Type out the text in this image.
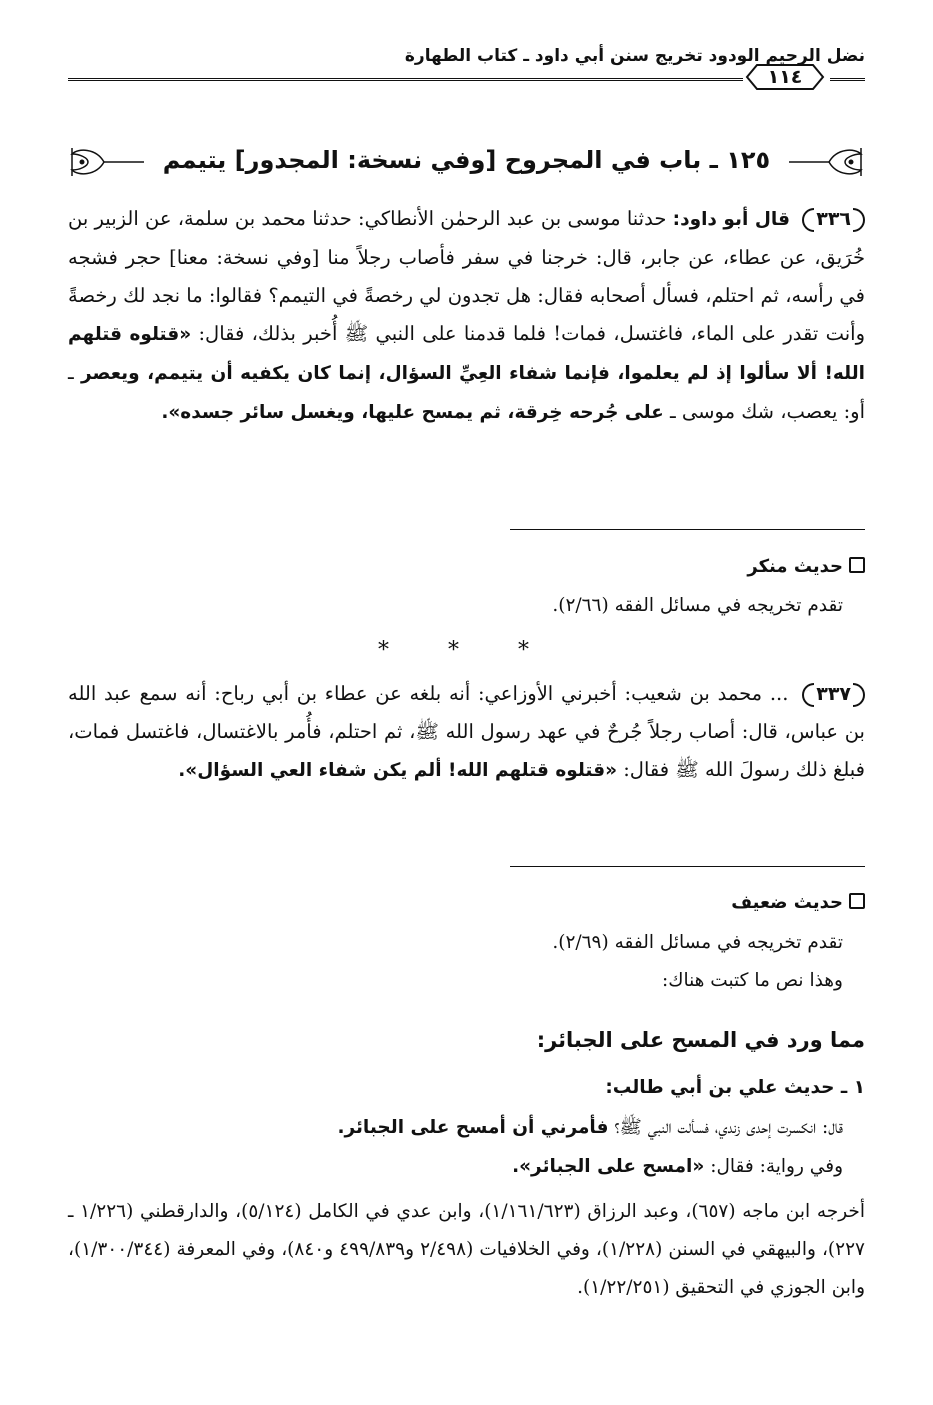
نضل الرحيم الودود تخريج سنن أبي داود ـ كتاب الطهارة
١١٤
١٢٥ ـ باب في المجروح [وفي نسخة: المجدور] يتيمم
٣٣٦ قال أبو داود: حدثنا موسى بن عبد الرحمٰن الأنطاكي: حدثنا محمد بن سلمة، عن الزبير بن خُرَيق، عن عطاء، عن جابر، قال: خرجنا في سفر فأصاب رجلاً منا [وفي نسخة: معنا] حجر فشجه في رأسه، ثم احتلم، فسأل أصحابه فقال: هل تجدون لي رخصةً في التيمم؟ فقالوا: ما نجد لك رخصةً وأنت تقدر على الماء، فاغتسل، فمات! فلما قدمنا على النبي ﷺ أُخبر بذلك، فقال: «قتلوه قتلهم الله! ألا سألوا إذ لم يعلموا، فإنما شفاء العِيِّ السؤال، إنما كان يكفيه أن يتيمم، ويعصر ـ أو: يعصب، شك موسى ـ على جُرحه خِرقة، ثم يمسح عليها، ويغسل سائر جسده».
حديث منكر
تقدم تخريجه في مسائل الفقه (٢/٦٦).
* * *
٣٣٧ ... محمد بن شعيب: أخبرني الأوزاعي: أنه بلغه عن عطاء بن أبي رباح: أنه سمع عبد الله بن عباس، قال: أصاب رجلاً جُرحٌ في عهد رسول الله ﷺ، ثم احتلم، فأُمر بالاغتسال، فاغتسل فمات، فبلغ ذلك رسولَ الله ﷺ فقال: «قتلوه قتلهم الله! ألم يكن شفاء العي السؤال».
حديث ضعيف
تقدم تخريجه في مسائل الفقه (٢/٦٩).
وهذا نص ما كتبت هناك:
مما ورد في المسح على الجبائر:
١ ـ حديث علي بن أبي طالب:
قال: انكسرت إحدى زندي، فسألت النبي ﷺ؟ فأمرني أن أمسح على الجبائر.
وفي رواية: فقال: «امسح على الجبائر».
أخرجه ابن ماجه (٦٥٧)، وعبد الرزاق (١/١٦١/٦٢٣)، وابن عدي في الكامل (٥/١٢٤)، والدارقطني (١/٢٢٦ ـ ٢٢٧)، والبيهقي في السنن (١/٢٢٨)، وفي الخلافيات (٢/٤٩٨ و٤٩٩/٨٣٩ و٨٤٠)، وفي المعرفة (١/٣٠٠/٣٤٤)، وابن الجوزي في التحقيق (١/٢٢/٢٥١).
